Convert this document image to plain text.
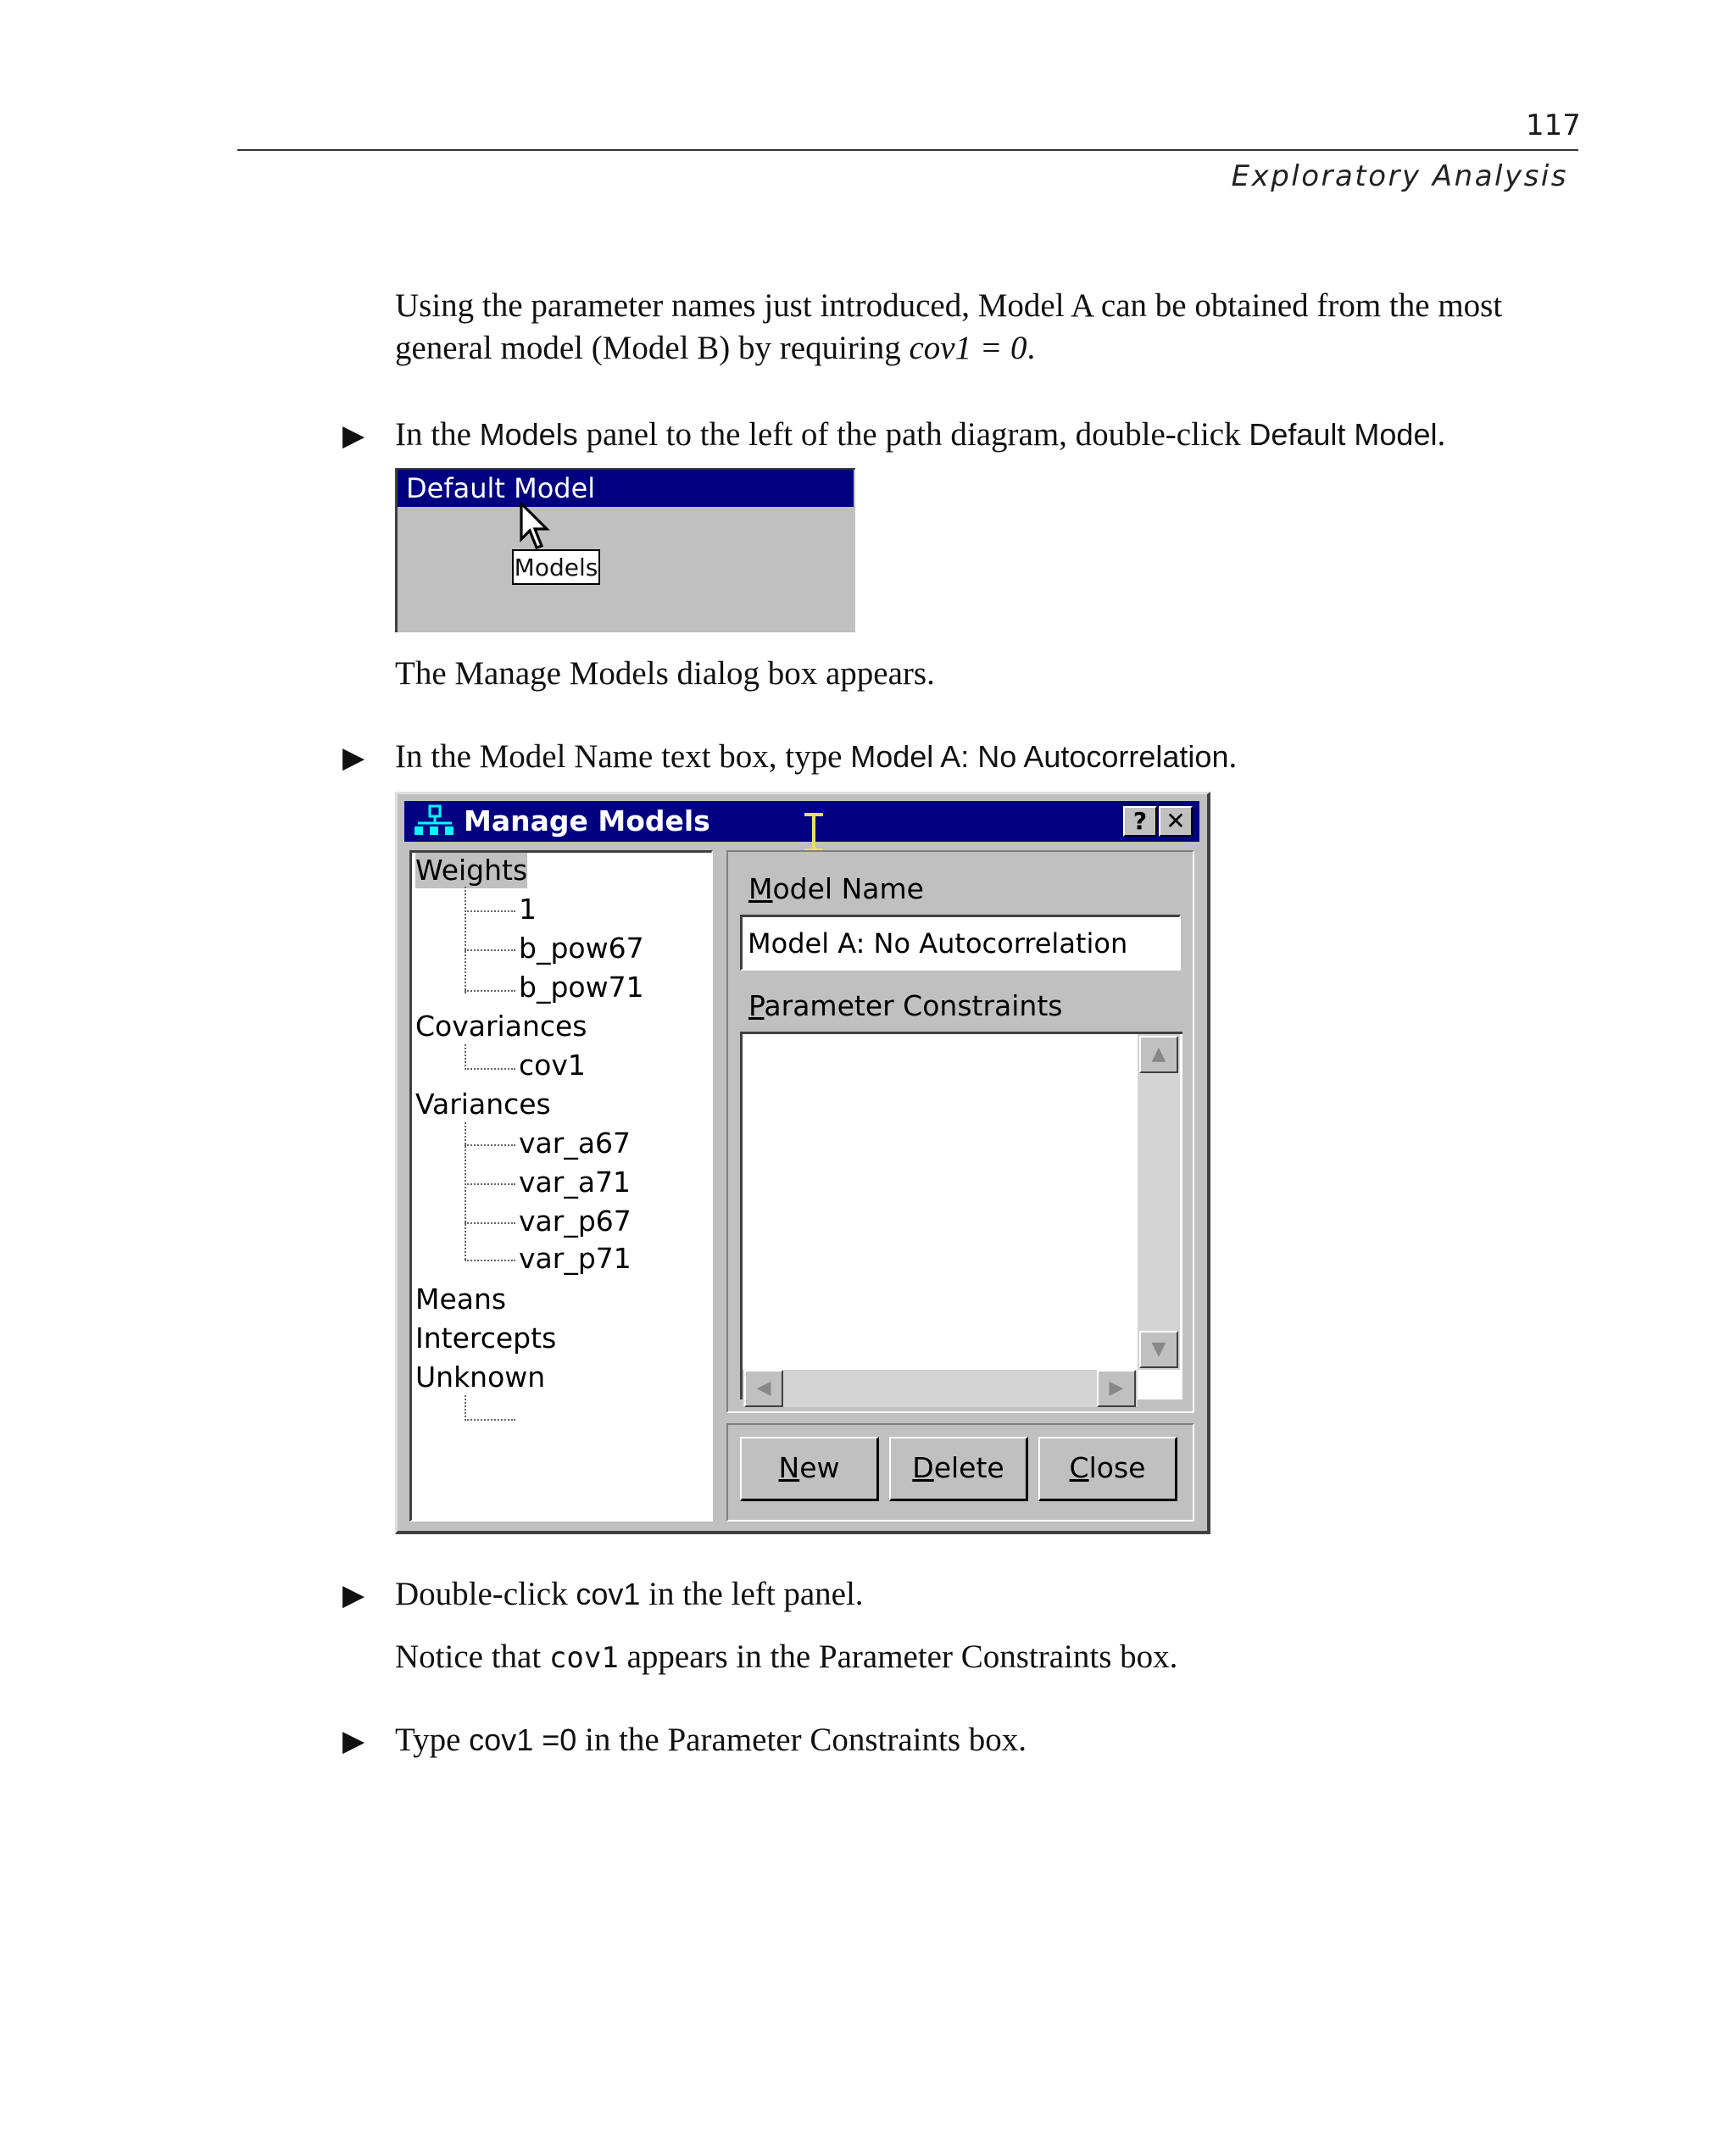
117
Exploratory Analysis
Using the parameter names just introduced, Model A can be obtained from the most general model (Model B) by requiring cov1 = 0.
▶ In the Models panel to the left of the path diagram, double-click Default Model.
Default Model
Models
The Manage Models dialog box appears.
▶ In the Model Name text box, type Model A: No Autocorrelation.
Manage Models	? ✕
Weights
1
b_pow67
b_pow71
Covariances
cov1
Variances
var_a67
var_a71
var_p67
var_p71
Means
Intercepts
Unknown
Model Name
Model A: No Autocorrelation
Parameter Constraints
▲
▼
◀	▶
New	Delete	Close
▶ Double-click cov1 in the left panel.
Notice that cov1 appears in the Parameter Constraints box.
▶ Type cov1 =0 in the Parameter Constraints box.
